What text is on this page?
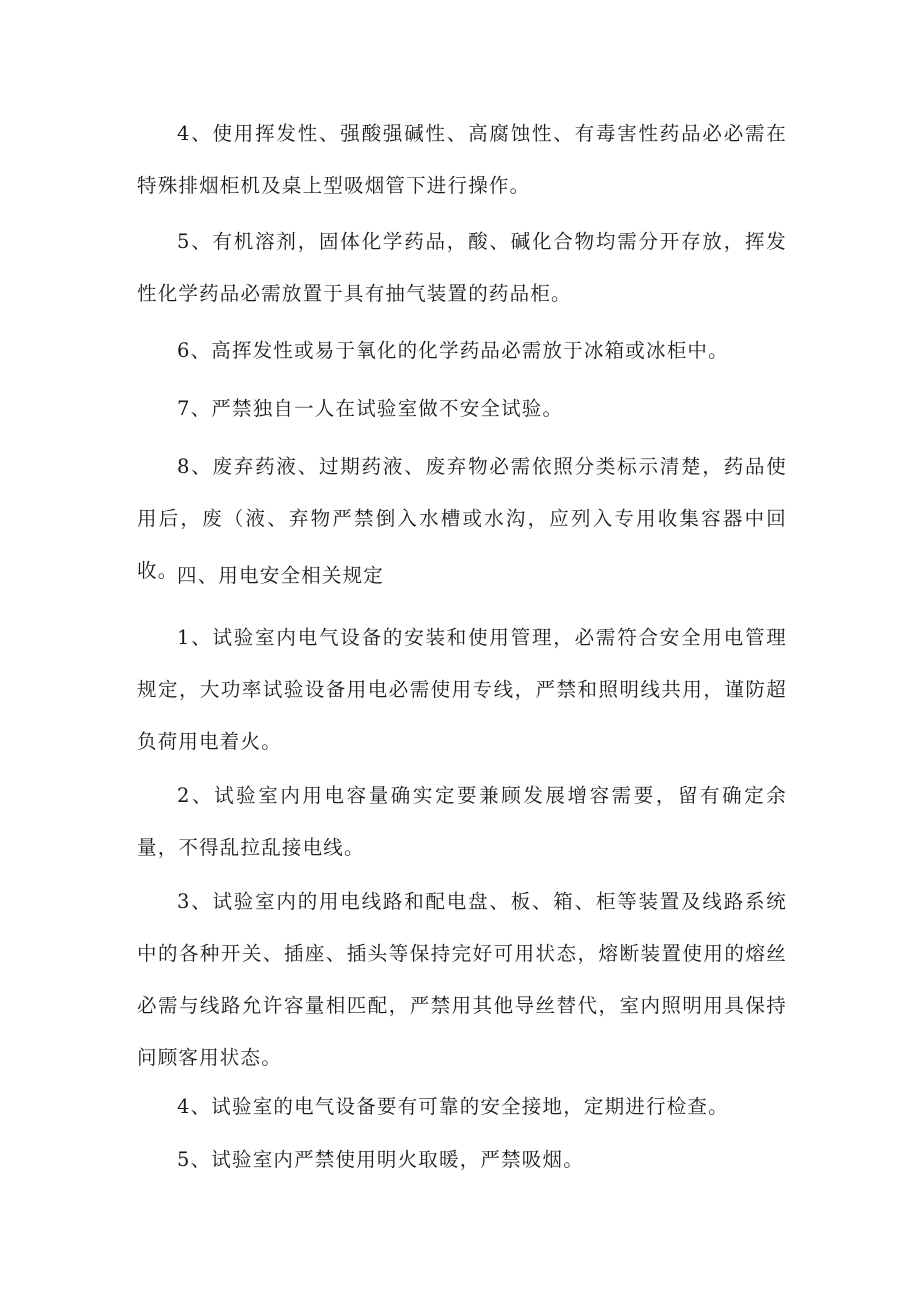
4、使用挥发性、强酸强碱性、高腐蚀性、有毒害性药品必必需在特殊排烟柜机及桌上型吸烟管下进行操作。

5、有机溶剂，固体化学药品，酸、碱化合物均需分开存放，挥发性化学药品必需放置于具有抽气装置的药品柜。

6、高挥发性或易于氧化的化学药品必需放于冰箱或冰柜中。

7、严禁独自一人在试验室做不安全试验。

8、废弃药液、过期药液、废弃物必需依照分类标示清楚，药品使用后，废（液、弃物严禁倒入水槽或水沟，应列入专用收集容器中回收。

四、用电安全相关规定

1、试验室内电气设备的安装和使用管理，必需符合安全用电管理规定，大功率试验设备用电必需使用专线，严禁和照明线共用，谨防超负荷用电着火。

2、试验室内用电容量确实定要兼顾发展增容需要，留有确定余量，不得乱拉乱接电线。

3、试验室内的用电线路和配电盘、板、箱、柜等装置及线路系统中的各种开关、插座、插头等保持完好可用状态，熔断装置使用的熔丝必需与线路允许容量相匹配，严禁用其他导丝替代，室内照明用具保持问顾客用状态。

4、试验室的电气设备要有可靠的安全接地，定期进行检查。

5、试验室内严禁使用明火取暖，严禁吸烟。
